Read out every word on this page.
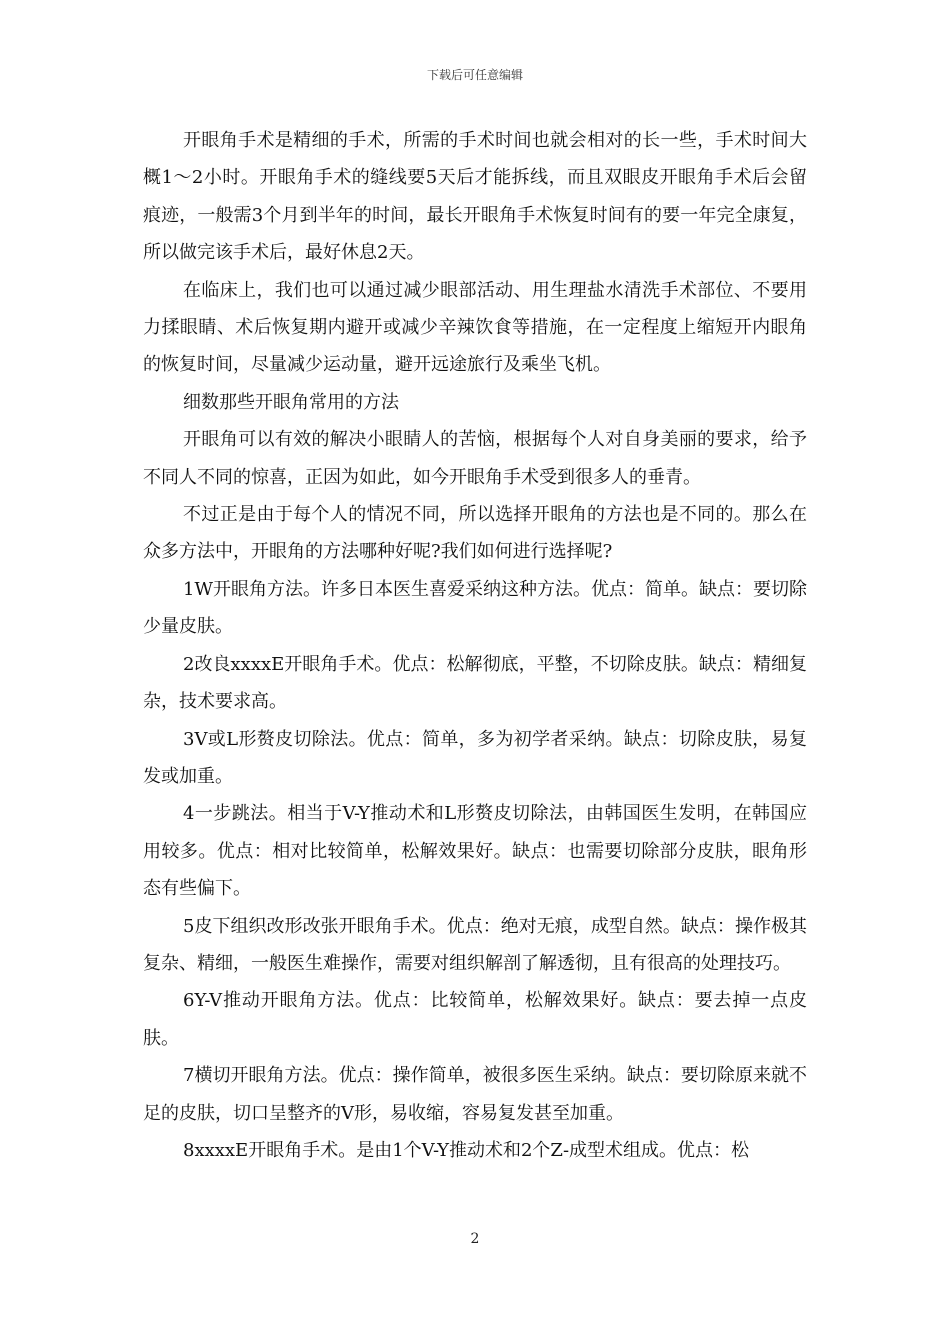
下载后可任意编辑

开眼角手术是精细的手术，所需的手术时间也就会相对的长一些，手术时间大概1～2小时。开眼角手术的缝线要5天后才能拆线，而且双眼皮开眼角手术后会留痕迹，一般需3个月到半年的时间，最长开眼角手术恢复时间有的要一年完全康复，所以做完该手术后，最好休息2天。

在临床上，我们也可以通过减少眼部活动、用生理盐水清洗手术部位、不要用力揉眼睛、术后恢复期内避开或减少辛辣饮食等措施，在一定程度上缩短开内眼角的恢复时间，尽量减少运动量，避开远途旅行及乘坐飞机。

细数那些开眼角常用的方法

开眼角可以有效的解决小眼睛人的苦恼，根据每个人对自身美丽的要求，给予不同人不同的惊喜，正因为如此，如今开眼角手术受到很多人的垂青。

不过正是由于每个人的情况不同，所以选择开眼角的方法也是不同的。那么在众多方法中，开眼角的方法哪种好呢?我们如何进行选择呢?

1W开眼角方法。许多日本医生喜爱采纳这种方法。优点：简单。缺点：要切除少量皮肤。

2改良xxxxE开眼角手术。优点：松解彻底，平整，不切除皮肤。缺点：精细复杂，技术要求高。

3V或L形赘皮切除法。优点：简单，多为初学者采纳。缺点：切除皮肤，易复发或加重。

4一步跳法。相当于V-Y推动术和L形赘皮切除法，由韩国医生发明，在韩国应用较多。优点：相对比较简单，松解效果好。缺点：也需要切除部分皮肤，眼角形态有些偏下。

5皮下组织改形改张开眼角手术。优点：绝对无痕，成型自然。缺点：操作极其复杂、精细，一般医生难操作，需要对组织解剖了解透彻，且有很高的处理技巧。

6Y-V推动开眼角方法。优点：比较简单，松解效果好。缺点：要去掉一点皮肤。

7横切开眼角方法。优点：操作简单，被很多医生采纳。缺点：要切除原来就不足的皮肤，切口呈整齐的V形，易收缩，容易复发甚至加重。

8xxxxE开眼角手术。是由1个V-Y推动术和2个Z-成型术组成。优点：松

2
